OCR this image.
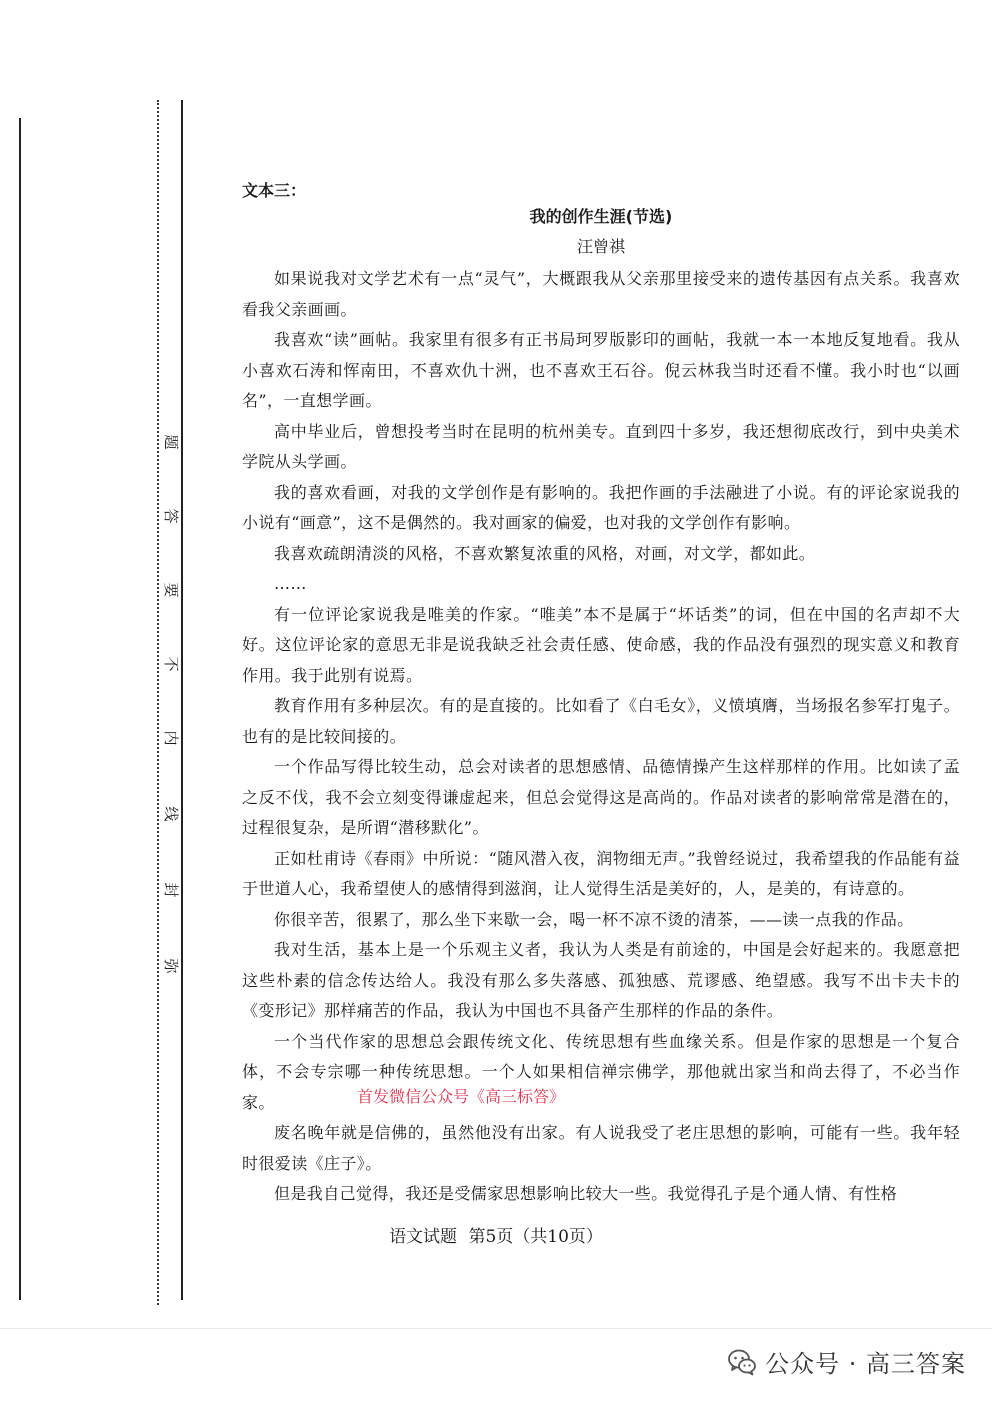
弥
封
线
内
不
要
答
题
文本三：
我的创作生涯(节选)
汪曾祺

如果说我对文学艺术有一点“灵气”，大概跟我从父亲那里接受来的遗传基因有点关系。我喜欢看我父亲画画。

我喜欢“读”画帖。我家里有很多有正书局珂罗版影印的画帖，我就一本一本地反复地看。我从小喜欢石涛和恽南田，不喜欢仇十洲，也不喜欢王石谷。倪云林我当时还看不懂。我小时也“以画名”，一直想学画。

高中毕业后，曾想投考当时在昆明的杭州美专。直到四十多岁，我还想彻底改行，到中央美术学院从头学画。

我的喜欢看画，对我的文学创作是有影响的。我把作画的手法融进了小说。有的评论家说我的小说有“画意”，这不是偶然的。我对画家的偏爱，也对我的文学创作有影响。

我喜欢疏朗清淡的风格，不喜欢繁复浓重的风格，对画，对文学，都如此。

……

有一位评论家说我是唯美的作家。“唯美”本不是属于“坏话类”的词，但在中国的名声却不大好。这位评论家的意思无非是说我缺乏社会责任感、使命感，我的作品没有强烈的现实意义和教育作用。我于此别有说焉。

教育作用有多种层次。有的是直接的。比如看了《白毛女》，义愤填膺，当场报名参军打鬼子。也有的是比较间接的。

一个作品写得比较生动，总会对读者的思想感情、品德情操产生这样那样的作用。比如读了孟之反不伐，我不会立刻变得谦虚起来，但总会觉得这是高尚的。作品对读者的影响常常是潜在的，过程很复杂，是所谓“潜移默化”。

正如杜甫诗《春雨》中所说：“随风潜入夜，润物细无声。”我曾经说过，我希望我的作品能有益于世道人心，我希望使人的感情得到滋润，让人觉得生活是美好的，人，是美的，有诗意的。

你很辛苦，很累了，那么坐下来歇一会，喝一杯不凉不烫的清茶，——读一点我的作品。

我对生活，基本上是一个乐观主义者，我认为人类是有前途的，中国是会好起来的。我愿意把这些朴素的信念传达给人。我没有那么多失落感、孤独感、荒谬感、绝望感。我写不出卡夫卡的《变形记》那样痛苦的作品，我认为中国也不具备产生那样的作品的条件。

一个当代作家的思想总会跟传统文化、传统思想有些血缘关系。但是作家的思想是一个复合体，不会专宗哪一种传统思想。一个人如果相信禅宗佛学，那他就出家当和尚去得了，不必当作家。

废名晚年就是信佛的，虽然他没有出家。有人说我受了老庄思想的影响，可能有一些。我年轻时很爱读《庄子》。

但是我自己觉得，我还是受儒家思想影响比较大一些。我觉得孔子是个通人情、有性格

首发微信公众号《高三标答》
语文试题 第5页（共10页）
公众号 · 高三答案
